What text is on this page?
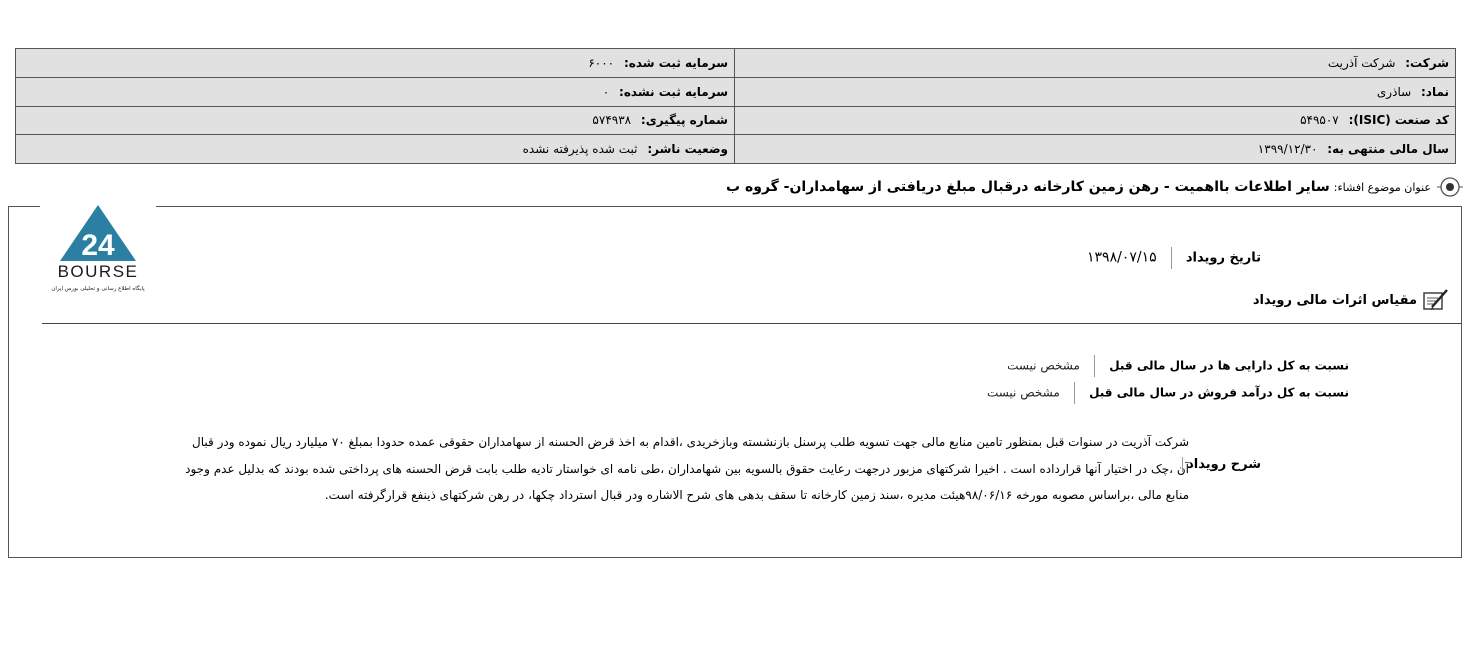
شرکت: شرکت آذریت	سرمایه ثبت شده: ۶۰۰۰
نماد: ساذری	سرمایه ثبت نشده: ۰
کد صنعت (ISIC): ۵۴۹۵۰۷	شماره پیگیری: ۵۷۴۹۳۸
سال مالی منتهی به: ۱۳۹۹/۱۲/۳۰	وضعیت ناشر: ثبت شده پذیرفته نشده
عنوان موضوع افشاء:
سایر اطلاعات بااهمیت - رهن زمین کارخانه درقبال مبلغ دریافتی از سهامداران- گروه ب
24
BOURSE
پایگاه اطلاع رسانی و تحلیلی بورس ایران
تاریخ رویداد  ۱۳۹۸/۰۷/۱۵
مقیاس اثرات مالی رویداد
نسبت به کل دارایی ها در سال مالی قبل  مشخص نیست
نسبت به کل درآمد فروش در سال مالی قبل  مشخص نیست
شرح رویداد
شرکت آذریت در سنوات قبل بمنظور تامین منابع مالی جهت تسویه طلب پرسنل بازنشسته وبازخریدی ،اقدام به اخذ قرض الحسنه از سهامداران حقوقی عمده حدودا بمبلغ ۷۰ میلیارد ریال نموده ودر قبال آن ،چک در اختیار آنها قرارداده است . اخیرا شرکتهای مزبور درجهت رعایت حقوق بالسویه بین شهامداران ،طی نامه ای خواستار تادیه طلب بابت قرض الحسنه های پرداختی شده بودند که بدلیل عدم وجود منابع مالی ،براساس مصوبه مورخه ۹۸/۰۶/۱۶هیئت مدیره ،سند زمین کارخانه تا سقف بدهی های شرح الاشاره ودر قبال استرداد چکها، در رهن شرکتهای ذینفع قرارگرفته است.
